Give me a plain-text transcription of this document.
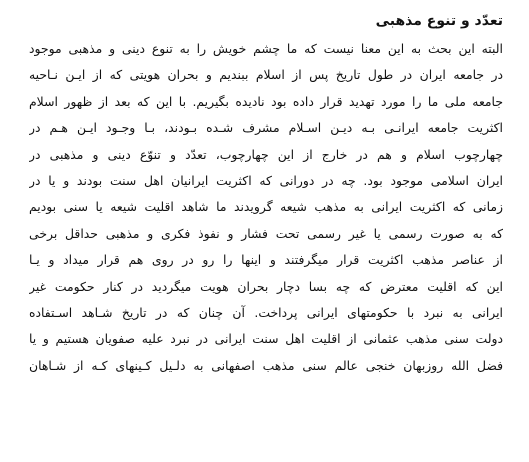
تعدّد و تنوع مذهبی
البته این بحث به این معنا نیست که ما چشم خویش را به تنوع دینی و مذهبی موجود
در جامعه ایران در طول تاریخ پس از اسلام ببندیم و بحران هویتی که از ایـن نـاحیه
جامعه ملی ما را مورد تهدید قرار داده بود نادیده بگیریم. با این که بعد از ظهور اسلام
اکثریت جامعه ایرانـی بـه دیـن اسـلام مشرف شـده بـودند، بـا وجـود ایـن هـم در
چهارچوب اسلام و هم در خارج از این چهارچوب، تعدّد و تنوّع دینی و مذهبی در
ایران اسلامی موجود بود. چه در دورانی که اکثریت ایرانیان اهل سنت بودند و یا در
زمانی که اکثریت ایرانی به مذهب شیعه گرویدند ما شاهد اقلیت شیعه یا سنی بودیم
که به صورت رسمی یا غیر رسمی تحت فشار و نفوذ فکری و مذهبی حداقل برخی
از عناصر مذهب اکثریت قرار میگرفتند و اینها را رو در روی هم قرار میداد و یـا
این که اقلیت معترض که چه بسا دچار بحران هویت میگردید در کنار حکومت غیر
ایرانی به نبرد با حکومتهای ایرانی پرداخت. آن چنان که در تاریخ شـاهد اسـتفاده
دولت سنی مذهب عثمانی از اقلیت اهل سنت ایرانی در نبرد علیه صفویان هستیم و یا
فضل الله روزبهان خنجی عالم سنی مذهب اصفهانی به دلـیل کـینهای کـه از شـاهان
